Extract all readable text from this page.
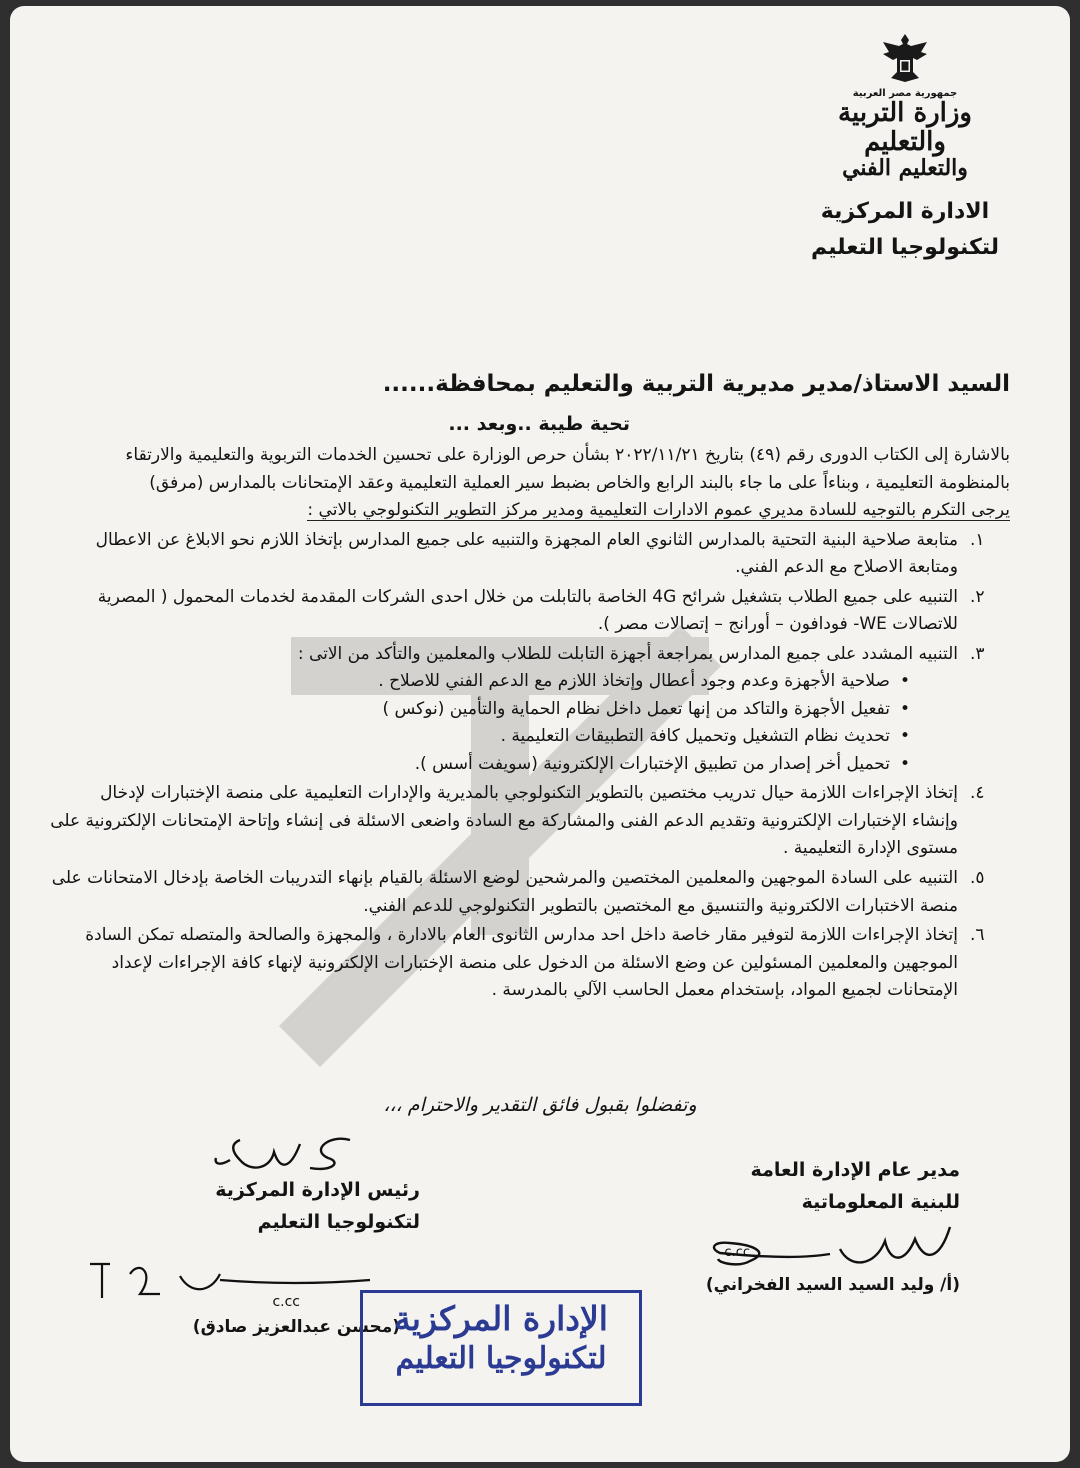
جمهورية مصر العربية
وزارة التربية والتعليم
والتعليم الفني
الادارة المركزية
لتكنولوجيا التعليم
السيد الاستاذ/مدير مديرية التربية والتعليم بمحافظة......
تحية طيبة ..وبعد ...

بالاشارة إلى الكتاب الدورى رقم (٤٩) بتاريخ ٢٠٢٢/١١/٢١ بشأن حرص الوزارة على تحسين الخدمات التربوية والتعليمية والارتقاء بالمنظومة التعليمية ، وبناءاً على ما جاء بالبند الرابع والخاص بضبط سير العملية التعليمية وعقد الإمتحانات بالمدارس (مرفق)

يرجى التكرم بالتوجيه للسادة مديري عموم الادارات التعليمية ومدير مركز التطوير التكنولوجي بالاتي :

١.
متابعة صلاحية البنية التحتية بالمدارس الثانوي العام المجهزة والتنبيه على جميع المدارس بإتخاذ اللازم نحو الابلاغ عن الاعطال ومتابعة الاصلاح مع الدعم الفني.
٢.
التنبيه على جميع الطلاب بتشغيل شرائح 4G الخاصة بالتابلت من خلال احدى الشركات المقدمة لخدمات المحمول ( المصرية للاتصالات WE- فودافون – أورانج – إتصالات مصر ).
٣.
التنبيه المشدد على جميع المدارس بمراجعة أجهزة التابلت للطلاب والمعلمين والتأكد من الاتى :
• صلاحية الأجهزة وعدم وجود أعطال وإتخاذ اللازم مع الدعم الفني للاصلاح .
• تفعيل الأجهزة والتاكد من إنها تعمل داخل نظام الحماية والتأمين (نوكس )
• تحديث نظام التشغيل وتحميل كافة التطبيقات التعليمية .
• تحميل أخر إصدار من تطبيق الإختبارات الإلكترونية (سويفت أسس ).
٤.
إتخاذ الإجراءات اللازمة حيال تدريب مختصين بالتطوير التكنولوجي بالمديرية والإدارات التعليمية على منصة الإختبارات لإدخال وإنشاء الإختبارات الإلكترونية وتقديم الدعم الفنى والمشاركة مع السادة واضعى الاسئلة فى إنشاء وإتاحة الإمتحانات الإلكترونية على مستوى الإدارة التعليمية .
٥.
التنبيه على السادة الموجهين والمعلمين المختصين والمرشحين لوضع الاسئلة بالقيام بإنهاء التدريبات الخاصة بإدخال الامتحانات على منصة الاختبارات الالكترونية والتنسيق مع المختصين بالتطوير التكنولوجي للدعم الفني.
٦.
إتخاذ الإجراءات اللازمة لتوفير مقار خاصة داخل احد مدارس الثانوى العام بالادارة ، والمجهزة والصالحة والمتصله تمكن السادة الموجهين والمعلمين المسئولين عن وضع الاسئلة من الدخول على منصة الإختبارات الإلكترونية لإنهاء كافة الإجراءات لإعداد الإمتحانات لجميع المواد، بإستخدام معمل الحاسب الآلي بالمدرسة .
وتفضلوا بقبول فائق التقدير والاحترام ،،،
مدير عام الإدارة العامة
للبنية المعلوماتية
c.cc
(أ/ وليد السيد السيد الفخراني)
رئيس الإدارة المركزية
لتكنولوجيا التعليم
c.cc
(محسن عبدالعزيز صادق)
الإدارة المركزية
لتكنولوجيا التعليم
